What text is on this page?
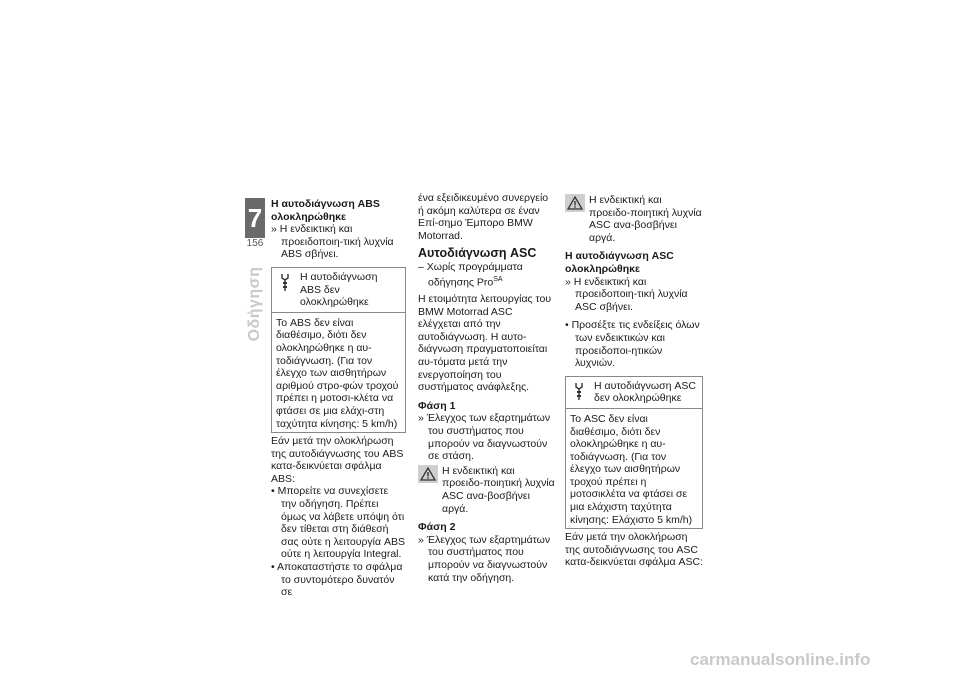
7
156
Οδήγηση

Η αυτοδιάγνωση ABS ολοκληρώθηκε

» Η ενδεικτική και προειδοποιη-τική λυχνία ABS σβήνει.

Η αυτοδιάγνωση ABS δεν ολοκληρώθηκε
Το ABS δεν είναι διαθέσιμο, διότι δεν ολοκληρώθηκε η αυ-τοδιάγνωση. (Για τον έλεγχο των αισθητήρων αριθμού στρο-φών τροχού πρέπει η μοτοσι-κλέτα να φτάσει σε μια ελάχι-στη ταχύτητα κίνησης: 5 km/h)

Εάν μετά την ολοκλήρωση της αυτοδιάγνωσης του ABS κατα-δεικνύεται σφάλμα ABS:

• Μπορείτε να συνεχίσετε την οδήγηση. Πρέπει όμως να λάβετε υπόψη ότι δεν τίθεται στη διάθεσή σας ούτε η λειτουργία ABS ούτε η λειτουργία Integral.

• Αποκαταστήστε το σφάλμα το συντομότερο δυνατόν σε

ένα εξειδικευμένο συνεργείο ή ακόμη καλύτερα σε έναν Επί-σημο Έμπορο BMW Motorrad.

Αυτοδιάγνωση ASC

– Χωρίς προγράμματα οδήγησης Pro$^{SA}$

Η ετοιμότητα λειτουργίας του BMW Motorrad ASC ελέγχεται από την αυτοδιάγνωση. Η αυτο-διάγνωση πραγματοποιείται αυ-τόματα μετά την ενεργοποίηση του συστήματος ανάφλεξης.

Φάση 1

» Έλεγχος των εξαρτημάτων του συστήματος που μπορούν να διαγνωστούν σε στάση.

Η ενδεικτική και προειδο-ποιητική λυχνία ASC ανα-βοσβήνει αργά.

Φάση 2

» Έλεγχος των εξαρτημάτων του συστήματος που μπορούν να διαγνωστούν κατά την οδήγηση.

Η ενδεικτική και προειδο-ποιητική λυχνία ASC ανα-βοσβήνει αργά.

Η αυτοδιάγνωση ASC ολοκληρώθηκε

» Η ενδεικτική και προειδοποιη-τική λυχνία ASC σβήνει.

• Προσέξτε τις ενδείξεις όλων των ενδεικτικών και προειδοποι-ητικών λυχνιών.

Η αυτοδιάγνωση ASC δεν ολοκληρώθηκε
Το ASC δεν είναι διαθέσιμο, διότι δεν ολοκληρώθηκε η αυ-τοδιάγνωση. (Για τον έλεγχο των αισθητήρων τροχού πρέπει η μοτοσικλέτα να φτάσει σε μια ελάχιστη ταχύτητα κίνησης: Ελάχιστο 5 km/h)

Εάν μετά την ολοκλήρωση της αυτοδιάγνωσης του ASC κατα-δεικνύεται σφάλμα ASC:

carmanualsonline.info
